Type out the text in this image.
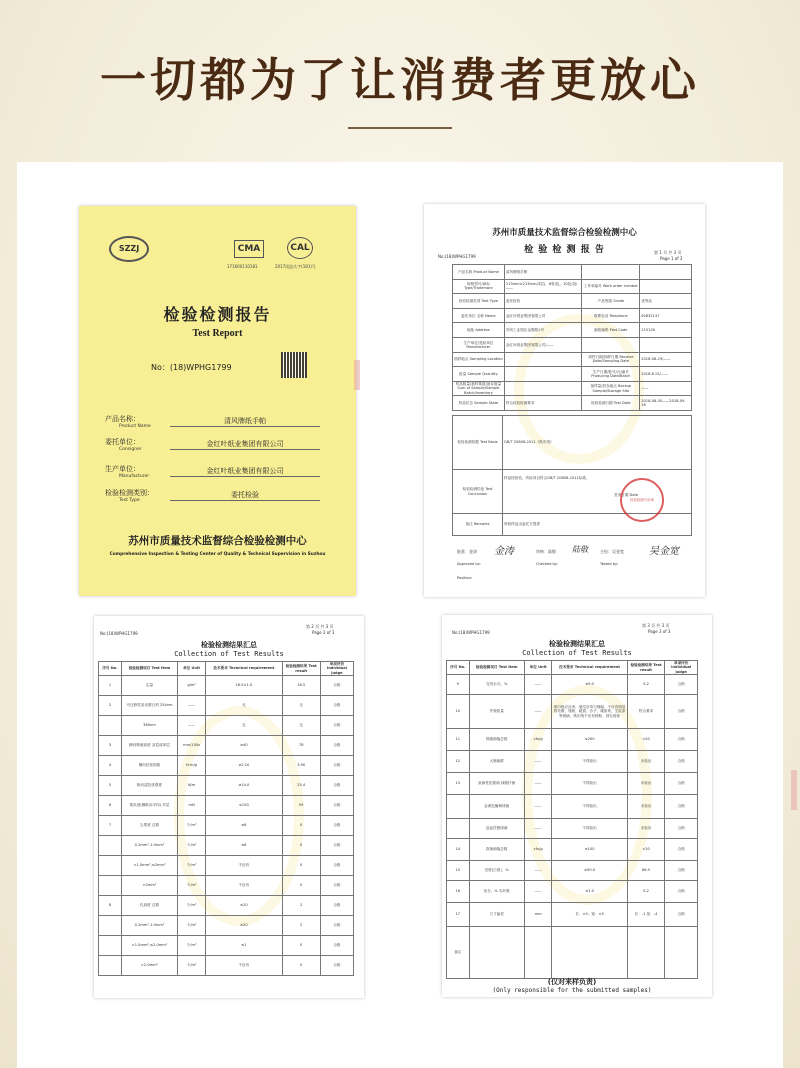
一切都为了让消费者更放心
SZZJ	CMA	CAL
171600110181	2017质监认字(181)号
检验检测报告
Test Report
No：(18)WPHG1799
产品名称：
Product Name
清风牌纸手帕
委托单位：
Consigner
金红叶纸业集团有限公司
生产单位：
Manufacturer
金红叶纸业集团有限公司
检验检测类别：
Test Type
委托检验
苏州市质量技术监督综合检验检测中心
Comprehensive Inspection & Testing Center of Quality & Technical Supervision in Suzhou
苏州市质量技术监督综合检验检测中心
检 验 检 测 报 告
No:(18)WPHG1799
第 1 页 共 3 页
Page 1 of 3
产品名称 Product Name	清风牌纸手帕		
规格型号/商标 Type/Trademark	213mm×213mm(3层)，8张/包，10包/袋/——	工作单编号 Work order number	
检验检测类别 Test Type	委托检验	产品等级 Grade	优等品
委托单位 名称 Name	金红叶纸业集团有限公司	联系电话 Telephone	62832137
地址 Address	苏州工业园区金胜路1号	邮政编码 Post Code	215126
生产单位/受检单位 Manufacturer	金红叶纸业集团有限公司/——		
抽样地点 Sampling Location		到样日期/抽样日期 Receive Date/Sampling Date	2018-08-29/——
批量 Sample Quantity		生产日期/批号/台/编号 Producing Date/Batch	2018.8.15/——
样品数量/抽样基数/备存数量 Sum of Sample/Sample Batch/Inventory		备样量/封存地点 Backup Sample/Storage Site	——
样品状态 Sample State	符合检验检测要求	检验检测日期 Test Date	2018-08-30——2018-09-18
检验检测依据 Test Basis	GB/T 20808-2011《纸巾纸》
检验检测结论 Test Conclusion	样品经检验，所检项目符合GB/T 20808-2011标准。

签发日期 Date
备注 Remarks	所检样品由委托方提供
检验检测专用章
批准：金涛
Approved by:
金涛	审核：陆敬
Checked by:
陆敬	主检：吴金宽
Tested by:
吴金宽
Position:
第 2 页 共 3 页
Page 2 of 3
No:(18)WPHG1799
检验检测结果汇总
Collection of Test Results
序号 No.	检验检测项目 Test Item	单位 Unit	技术要求 Technical requirement	检验检测结果 Test result	单项评价 Individual judge
1	定量	g/m²	16.5±1.0	16.5	合格
2	可迁移性荧光增白剂 254nm	——	无	无	合格
	365nm	——	无	无	合格
3	横向吸液高度 双层成单层	mm/100s	≥40	78	合格
4	横向抗张指数	N·m/g	≥2.10	3.90	合格
5	纵向湿抗张强度	N/m	≥14.0	25.4	合格
6	柔软度(横纵向平均) 多层	mN	≤150	95	合格
7	尘埃度 总数	个/m²	≤6	0	合格
	0.2mm²-1.0mm²	个/m²	≤6	0	合格
	>1.0mm²,≤2mm²	个/m²	不应有	0	合格
	>2mm²	个/m²	不应有	0	合格
8	孔洞度 总数	个/m²	≤20	2	合格
	0.2mm²-1.0mm²	个/m²	≤20	2	合格
	>1.0mm²,≤2.0mm²	个/m²	≤1	0	合格
	>2.0mm²	个/m²	不应有	0	合格
第 3 页 共 3 页
Page 3 of 3
No:(18)WPHG1799
检验检测结果汇总
Collection of Test Results
序号 No.	检验检测项目 Test Item	单位 Unit	技术要求 Technical requirement	检验检测结果 Test result	单项评价 Individual judge
9	交货水分，%	——	≤9.0	5.2	合格
10	外观质量	——	纸巾纸应洁净，皱纹应均匀细腻，不应有明显的死褶、残缺、破损、沙子、硬质块、生胶条等纸病，纸巾纸不应有掉粉、掉毛现象	符合要求	合格
11	细菌菌落总数	cfu/g	≤200	<20	合格
12	大肠菌群	——	不得检出	未检出	合格
13	致病性化脓菌 绿脓杆菌	——	不得检出	未检出	合格
	金黄色葡萄球菌	——	不得检出	未检出	合格
	溶血性链球菌	——	不得检出	未检出	合格
14	真菌菌落总数	cfu/g	≤100	<20	合格
15	亮度(白度)，%	——	≤90.0	86.5	合格
16	灰分，% 木纤维	——	≤1.0	0.2	合格
17	尺寸偏差	mm	长：±5；宽：±5	长：-1 宽：-4	合格
备注					
(仅对来样负责)
(Only responsible for the submitted samples)
